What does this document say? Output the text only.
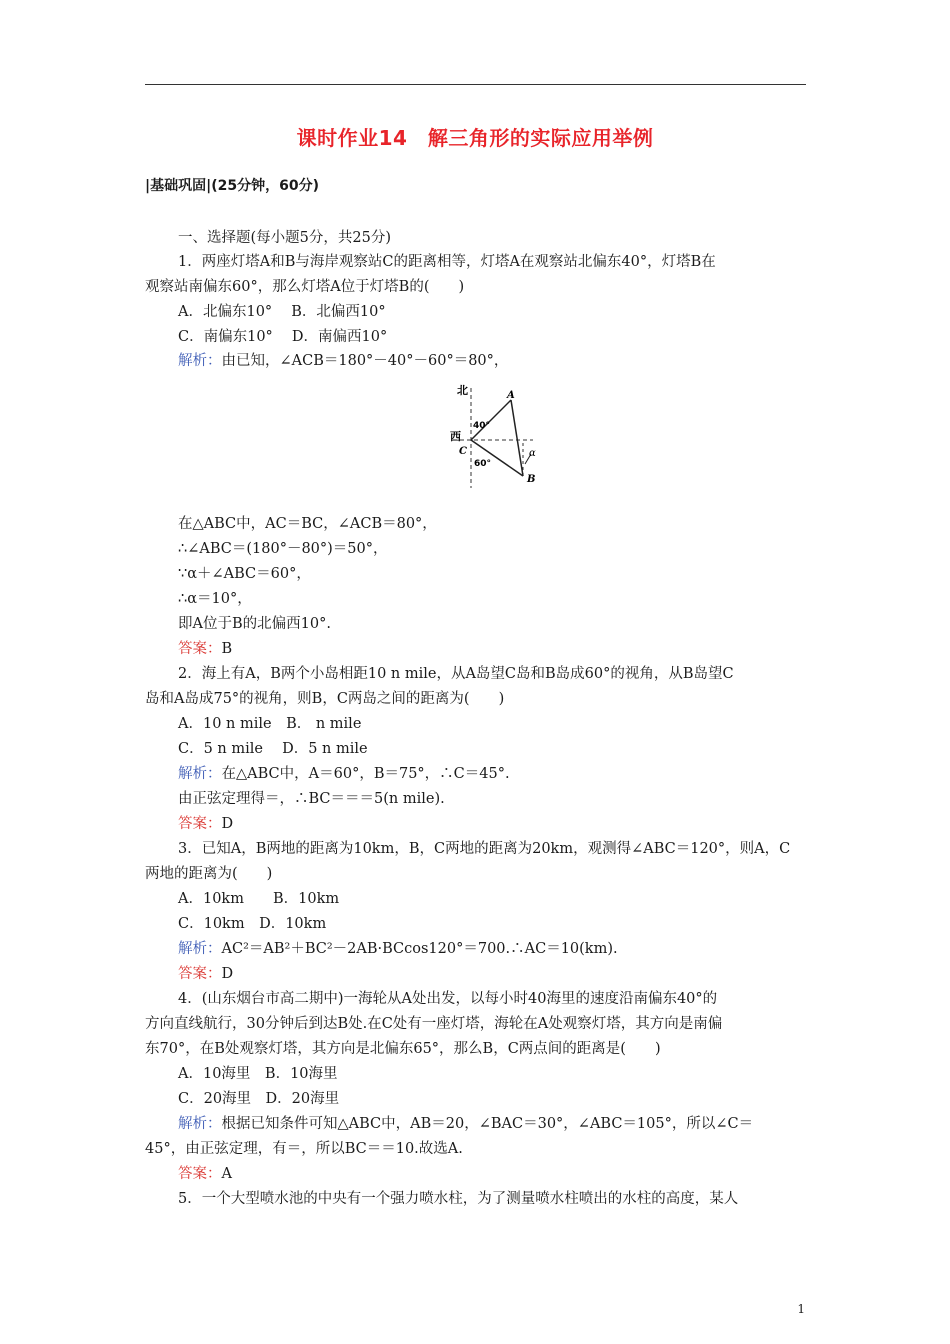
课时作业14　解三角形的实际应用举例
|基础巩固|(25分钟，60分)
一、选择题(每小题5分，共25分)
1．两座灯塔A和B与海岸观察站C的距离相等，灯塔A在观察站北偏东40°，灯塔B在
观察站南偏东60°，那么灯塔A位于灯塔B的(　　)
A．北偏东10°　 B．北偏西10°
C．南偏东10°　 D．南偏西10°
解析：由已知，∠ACB＝180°－40°－60°＝80°，
北	A
40°
西
C
60°
α
B
在△ABC中，AC＝BC，∠ACB＝80°，
∴∠ABC＝(180°－80°)＝50°，
∵α＋∠ABC＝60°，
∴α＝10°，
即A位于B的北偏西10°.
答案：B
2．海上有A，B两个小岛相距10 n mile，从A岛望C岛和B岛成60°的视角，从B岛望C
岛和A岛成75°的视角，则B，C两岛之间的距离为(　　)
A．10 n mile　B． n mile
C．5 n mile　 D．5 n mile
解析：在△ABC中，A＝60°，B＝75°，∴C＝45°.
由正弦定理得＝，∴BC＝＝＝5(n mile).
答案：D
3．已知A，B两地的距离为10km，B，C两地的距离为20km，观测得∠ABC＝120°，则A，C
两地的距离为(　　)
A．10km　　B．10km
C．10km　D．10km
解析：AC²＝AB²＋BC²－2AB·BCcos120°＝700.∴AC＝10(km).
答案：D
4．(山东烟台市高二期中)一海轮从A处出发，以每小时40海里的速度沿南偏东40°的
方向直线航行，30分钟后到达B处.在C处有一座灯塔，海轮在A处观察灯塔，其方向是南偏
东70°，在B处观察灯塔，其方向是北偏东65°，那么B，C两点间的距离是(　　)
A．10海里　B．10海里
C．20海里　D．20海里
解析：根据已知条件可知△ABC中，AB＝20，∠BAC＝30°，∠ABC＝105°，所以∠C＝
45°，由正弦定理，有＝，所以BC＝＝10.故选A.
答案：A
5．一个大型喷水池的中央有一个强力喷水柱，为了测量喷水柱喷出的水柱的高度，某人
1
